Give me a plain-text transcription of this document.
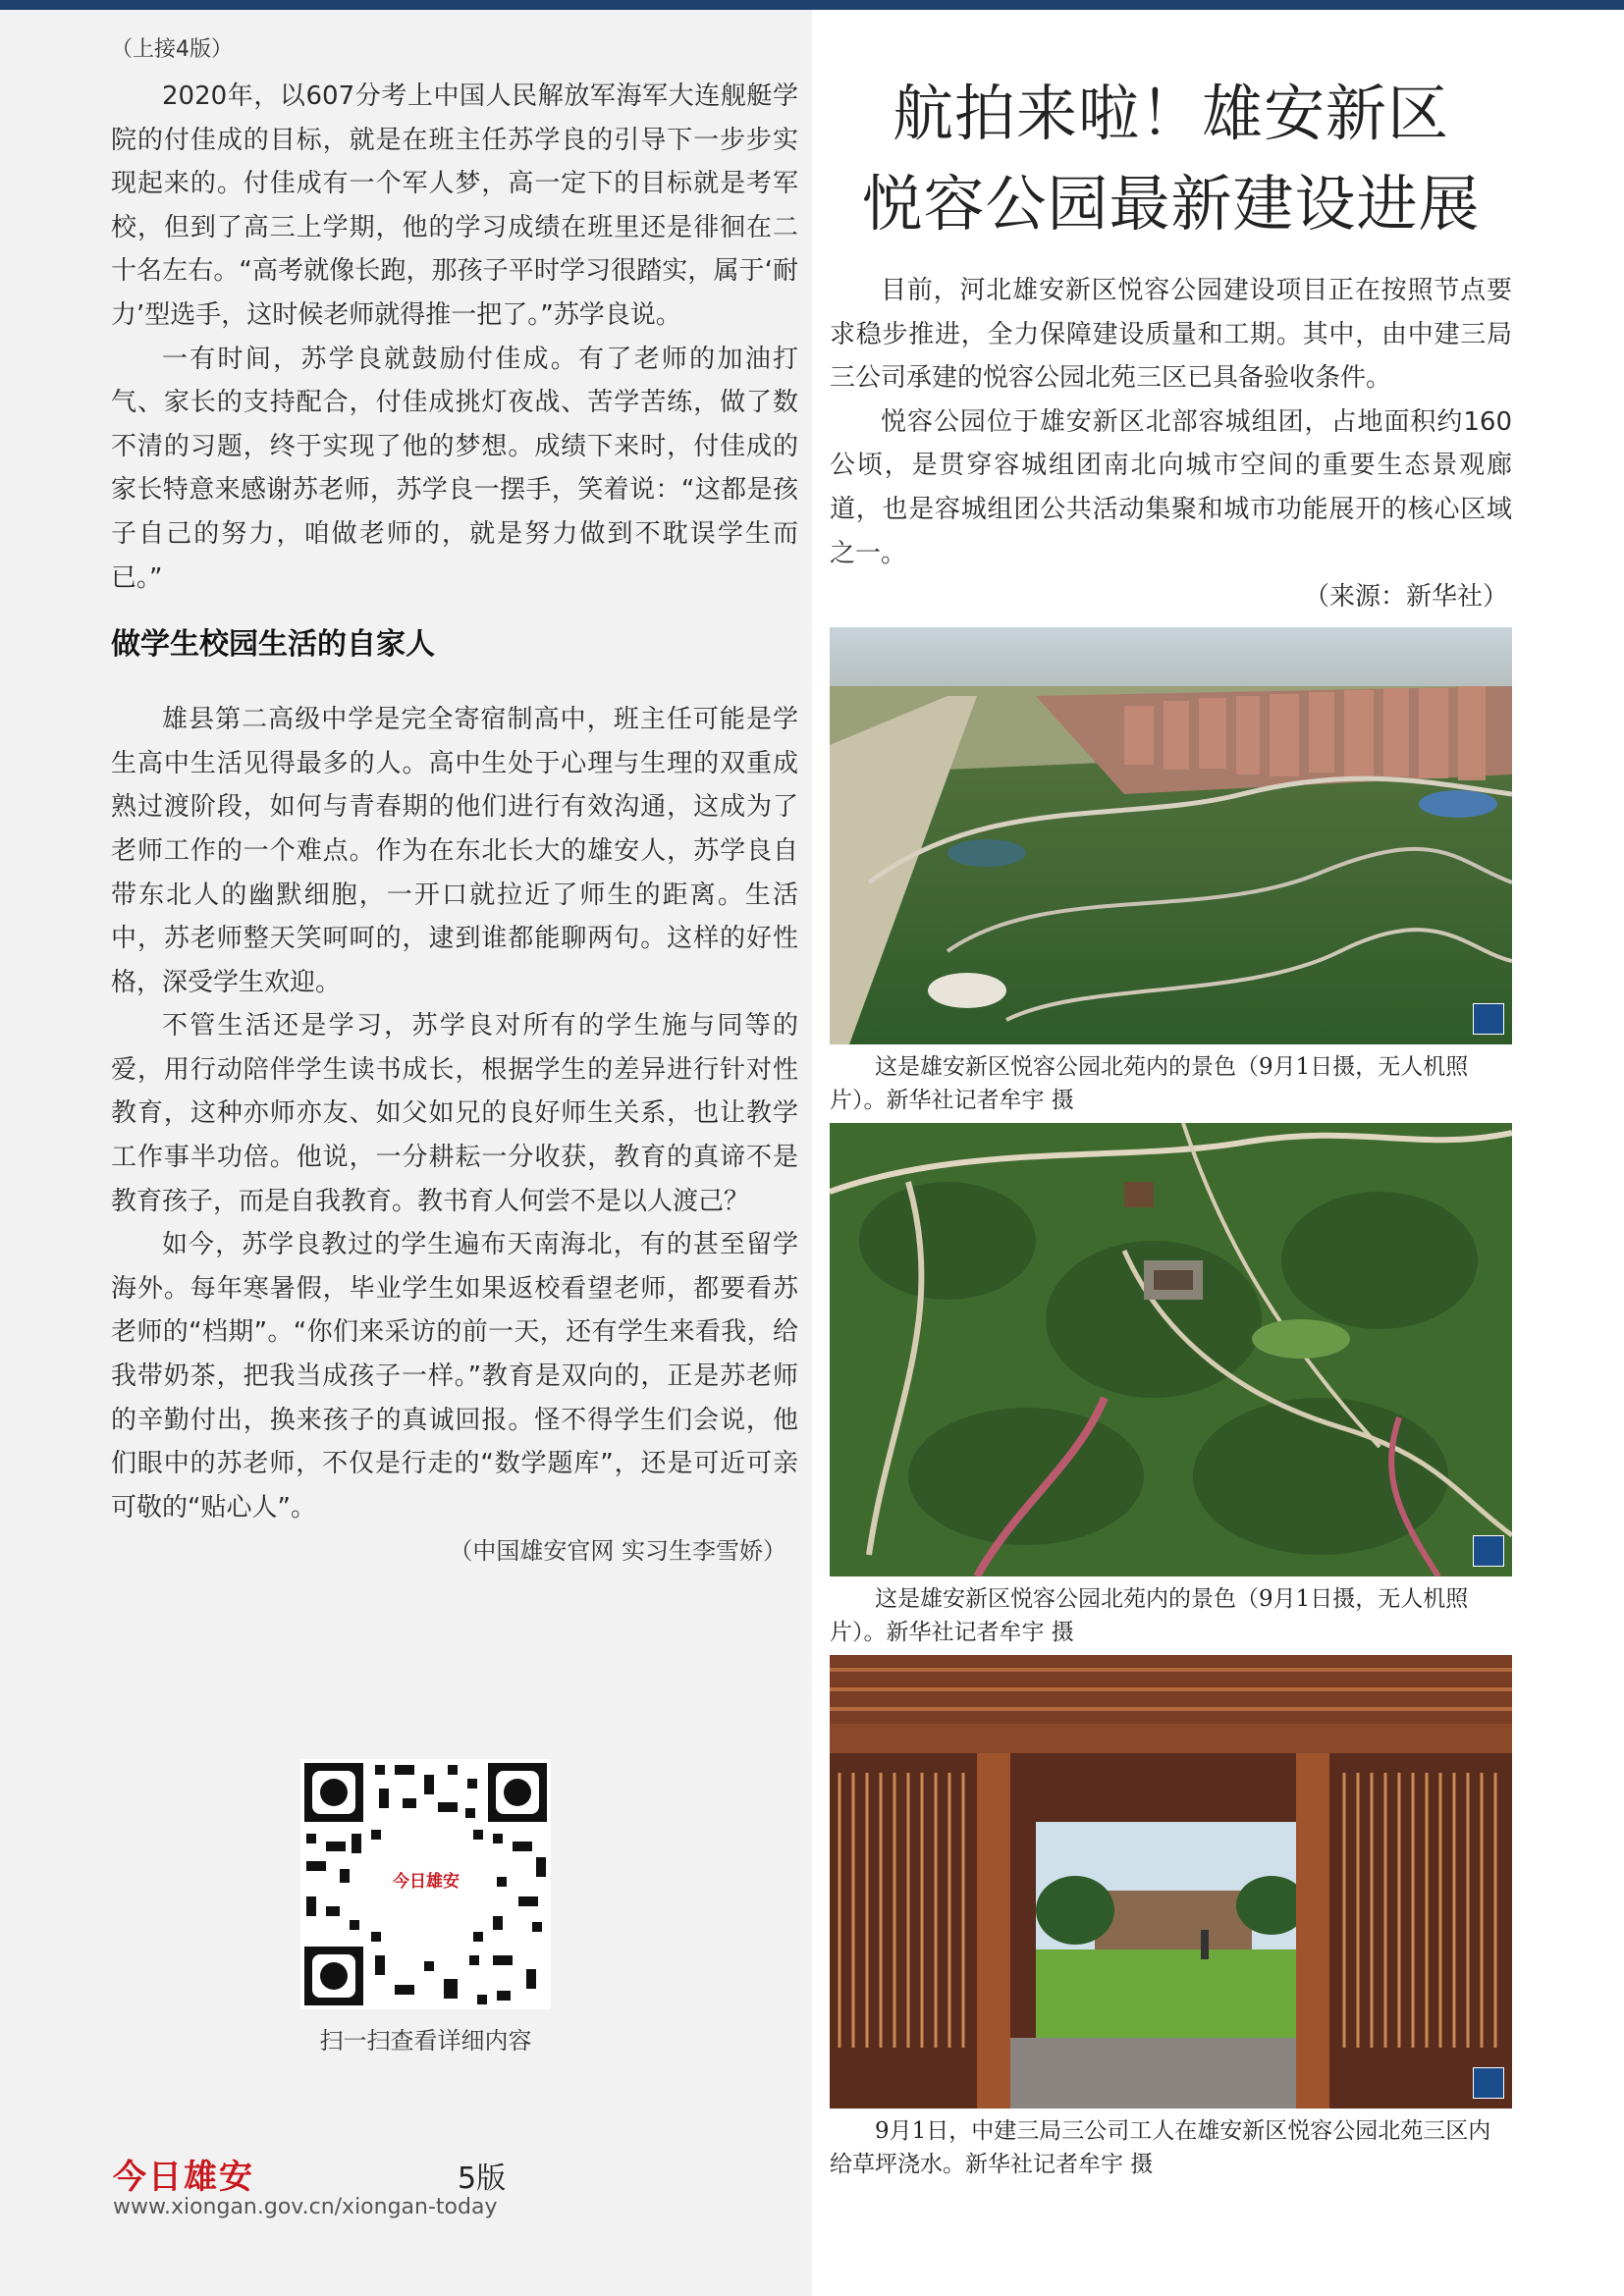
（上接4版）

2020年，以607分考上中国人民解放军海军大连舰艇学院的付佳成的目标，就是在班主任苏学良的引导下一步步实现起来的。付佳成有一个军人梦，高一定下的目标就是考军校，但到了高三上学期，他的学习成绩在班里还是徘徊在二十名左右。“高考就像长跑，那孩子平时学习很踏实，属于‘耐力’型选手，这时候老师就得推一把了。”苏学良说。

一有时间，苏学良就鼓励付佳成。有了老师的加油打气、家长的支持配合，付佳成挑灯夜战、苦学苦练，做了数不清的习题，终于实现了他的梦想。成绩下来时，付佳成的家长特意来感谢苏老师，苏学良一摆手，笑着说：“这都是孩子自己的努力，咱做老师的，就是努力做到不耽误学生而已。”

做学生校园生活的自家人

雄县第二高级中学是完全寄宿制高中，班主任可能是学生高中生活见得最多的人。高中生处于心理与生理的双重成熟过渡阶段，如何与青春期的他们进行有效沟通，这成为了老师工作的一个难点。作为在东北长大的雄安人，苏学良自带东北人的幽默细胞，一开口就拉近了师生的距离。生活中，苏老师整天笑呵呵的，逮到谁都能聊两句。这样的好性格，深受学生欢迎。

不管生活还是学习，苏学良对所有的学生施与同等的爱，用行动陪伴学生读书成长，根据学生的差异进行针对性教育，这种亦师亦友、如父如兄的良好师生关系，也让教学工作事半功倍。他说，一分耕耘一分收获，教育的真谛不是教育孩子，而是自我教育。教书育人何尝不是以人渡己？

如今，苏学良教过的学生遍布天南海北，有的甚至留学海外。每年寒暑假，毕业学生如果返校看望老师，都要看苏老师的“档期”。“你们来采访的前一天，还有学生来看我，给我带奶茶，把我当成孩子一样。”教育是双向的，正是苏老师的辛勤付出，换来孩子的真诚回报。怪不得学生们会说，他们眼中的苏老师，不仅是行走的“数学题库”，还是可近可亲可敬的“贴心人”。

（中国雄安官网 实习生李雪娇）

今日雄安
扫一扫查看详细内容
今日雄安	5版
www.xiongan.gov.cn/xiongan-today
航拍来啦！雄安新区
悦容公园最新建设进展

目前，河北雄安新区悦容公园建设项目正在按照节点要求稳步推进，全力保障建设质量和工期。其中，由中建三局三公司承建的悦容公园北苑三区已具备验收条件。

悦容公园位于雄安新区北部容城组团，占地面积约160公顷，是贯穿容城组团南北向城市空间的重要生态景观廊道，也是容城组团公共活动集聚和城市功能展开的核心区域之一。

（来源：新华社）

这是雄安新区悦容公园北苑内的景色（9月1日摄，无人机照片）。新华社记者牟宇 摄

这是雄安新区悦容公园北苑内的景色（9月1日摄，无人机照片）。新华社记者牟宇 摄

9月1日，中建三局三公司工人在雄安新区悦容公园北苑三区内给草坪浇水。新华社记者牟宇 摄
